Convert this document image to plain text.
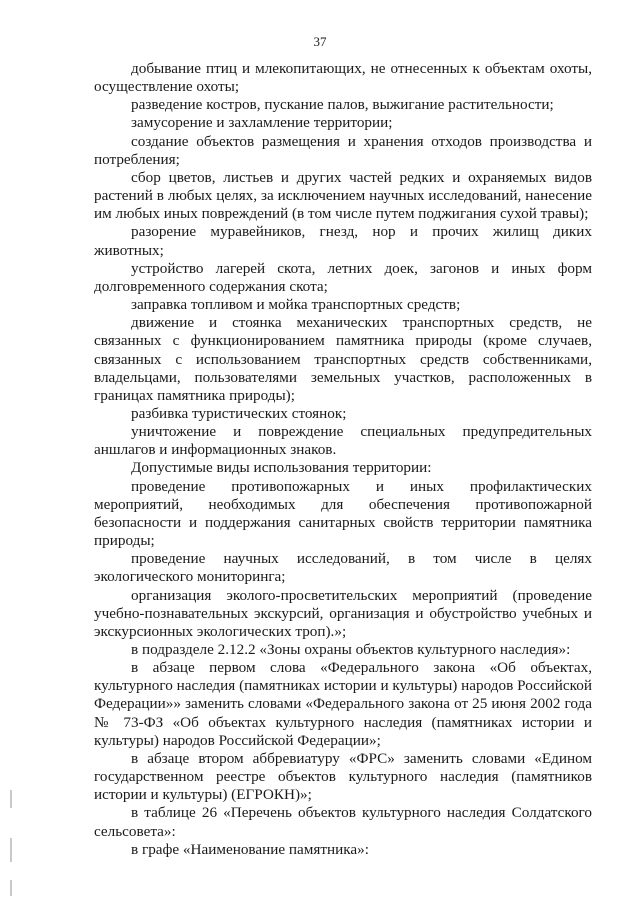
37

добывание птиц и млекопитающих, не отнесенных к объектам охоты, осуществление охоты;

разведение костров, пускание палов, выжигание растительности;

замусорение и захламление территории;

создание объектов размещения и хранения отходов производства и потребления;

сбор цветов, листьев и других частей редких и охраняемых видов растений в любых целях, за исключением научных исследований, нанесение им любых иных повреждений (в том числе путем поджигания сухой травы);

разорение муравейников, гнезд, нор и прочих жилищ диких животных;

устройство лагерей скота, летних доек, загонов и иных форм долговременного содержания скота;

заправка топливом и мойка транспортных средств;

движение и стоянка механических транспортных средств, не связанных с функционированием памятника природы (кроме случаев, связанных с использованием транспортных средств собственниками, владельцами, пользователями земельных участков, расположенных в границах памятника природы);

разбивка туристических стоянок;

уничтожение и повреждение специальных предупредительных аншлагов и информационных знаков.

Допустимые виды использования территории:

проведение противопожарных и иных профилактических мероприятий, необходимых для обеспечения противопожарной безопасности и поддержания санитарных свойств территории памятника природы;

проведение научных исследований, в том числе в целях экологического мониторинга;

организация эколого-просветительских мероприятий (проведение учебно-познавательных экскурсий, организация и обустройство учебных и экскурсионных экологических троп).»;

в подразделе 2.12.2 «Зоны охраны объектов культурного наследия»:

в абзаце первом слова «Федерального закона «Об объектах, культурного наследия (памятниках истории и культуры) народов Российской Федерации»» заменить словами «Федерального закона от 25 июня 2002 года № 73-ФЗ «Об объектах культурного наследия (памятниках истории и культуры) народов Российской Федерации»;

в абзаце втором аббревиатуру «ФРС» заменить словами «Едином государственном реестре объектов культурного наследия (памятников истории и культуры) (ЕГРОКН)»;

в таблице 26 «Перечень объектов культурного наследия Солдатского сельсовета»:

в графе «Наименование памятника»:
